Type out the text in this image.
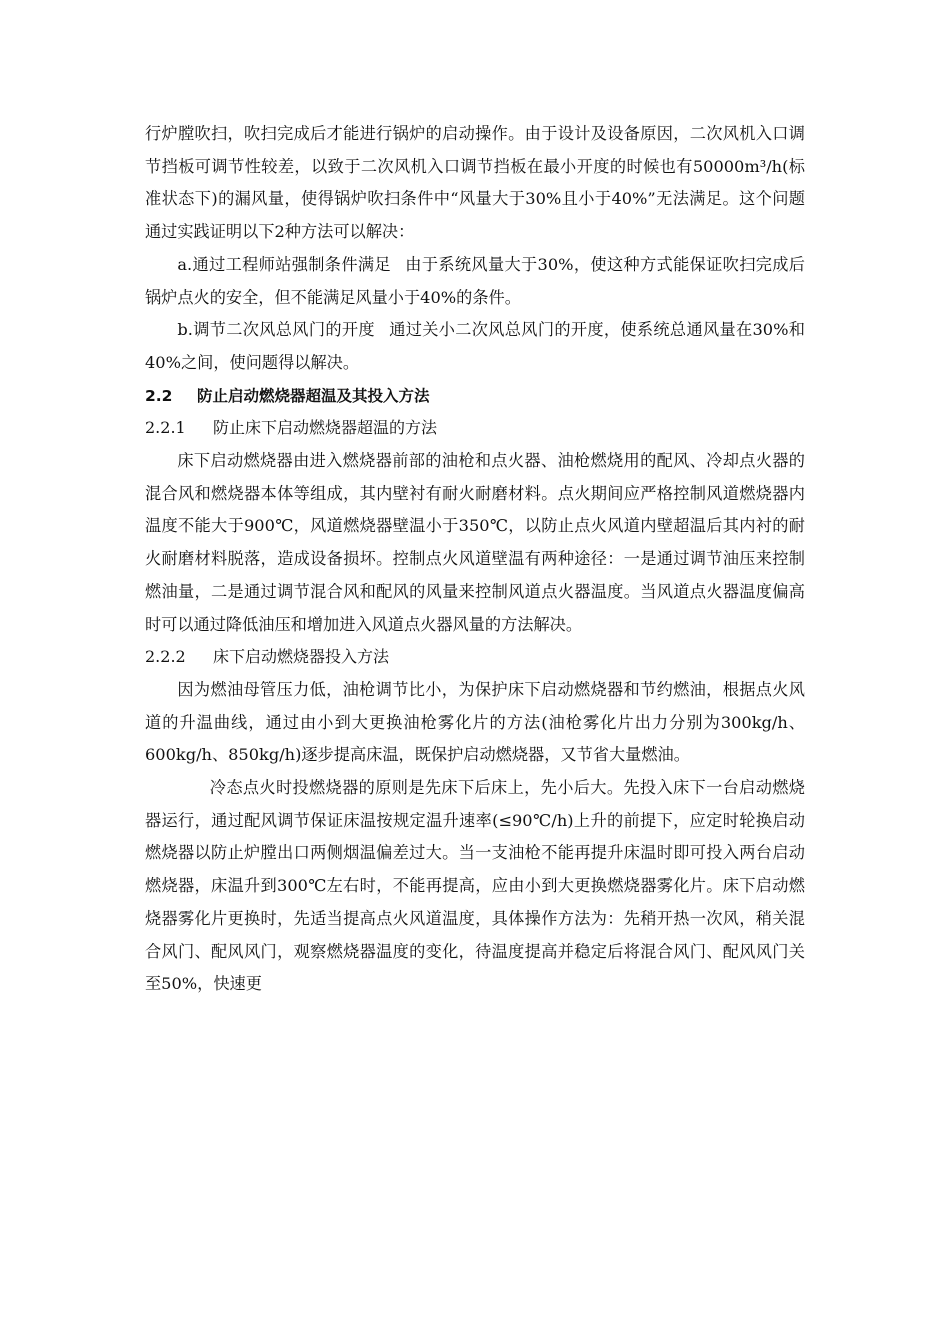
行炉膛吹扫，吹扫完成后才能进行锅炉的启动操作。由于设计及设备原因，二次风机入口调节挡板可调节性较差，以致于二次风机入口调节挡板在最小开度的时候也有50000m³/h(标准状态下)的漏风量，使得锅炉吹扫条件中“风量大于30%且小于40%”无法满足。这个问题通过实践证明以下2种方法可以解决：

a.通过工程师站强制条件满足 由于系统风量大于30%，使这种方式能保证吹扫完成后锅炉点火的安全，但不能满足风量小于40%的条件。

b.调节二次风总风门的开度 通过关小二次风总风门的开度，使系统总通风量在30%和40%之间，使问题得以解决。

2.2 防止启动燃烧器超温及其投入方法

2.2.1 防止床下启动燃烧器超温的方法

床下启动燃烧器由进入燃烧器前部的油枪和点火器、油枪燃烧用的配风、冷却点火器的混合风和燃烧器本体等组成，其内壁衬有耐火耐磨材料。点火期间应严格控制风道燃烧器内温度不能大于900℃，风道燃烧器壁温小于350℃，以防止点火风道内壁超温后其内衬的耐火耐磨材料脱落，造成设备损坏。控制点火风道壁温有两种途径：一是通过调节油压来控制燃油量，二是通过调节混合风和配风的风量来控制风道点火器温度。当风道点火器温度偏高时可以通过降低油压和增加进入风道点火器风量的方法解决。

2.2.2 床下启动燃烧器投入方法

因为燃油母管压力低，油枪调节比小，为保护床下启动燃烧器和节约燃油，根据点火风道的升温曲线，通过由小到大更换油枪雾化片的方法(油枪雾化片出力分别为300kg/h、600kg/h、850kg/h)逐步提高床温，既保护启动燃烧器，又节省大量燃油。

冷态点火时投燃烧器的原则是先床下后床上，先小后大。先投入床下一台启动燃烧器运行，通过配风调节保证床温按规定温升速率(≤90℃/h)上升的前提下，应定时轮换启动燃烧器以防止炉膛出口两侧烟温偏差过大。当一支油枪不能再提升床温时即可投入两台启动燃烧器，床温升到300℃左右时，不能再提高，应由小到大更换燃烧器雾化片。床下启动燃烧器雾化片更换时，先适当提高点火风道温度，具体操作方法为：先稍开热一次风，稍关混合风门、配风风门，观察燃烧器温度的变化，待温度提高并稳定后将混合风门、配风风门关至50%，快速更
